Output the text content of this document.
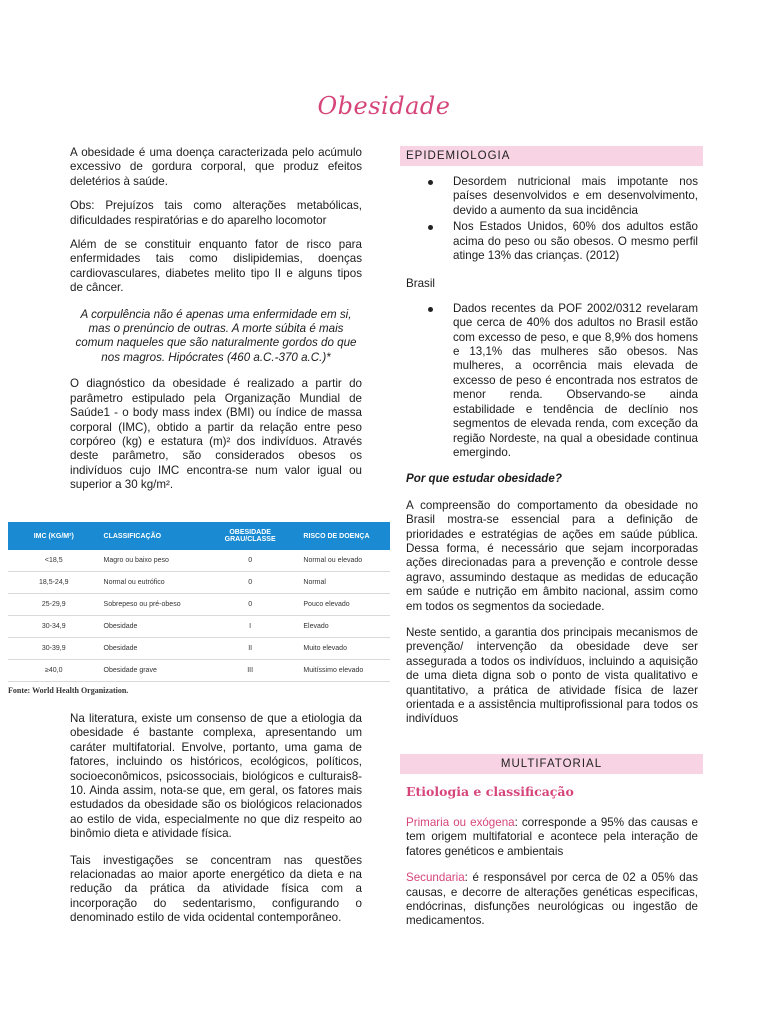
Obesidade

A obesidade é uma doença caracterizada pelo acúmulo excessivo de gordura corporal, que produz efeitos deletérios à saúde.

Obs: Prejuízos tais como alterações metabólicas, dificuldades respiratórias e do aparelho locomotor

Além de se constituir enquanto fator de risco para enfermidades tais como dislipidemias, doenças cardiovasculares, diabetes melito tipo II e alguns tipos de câncer.

A corpulência não é apenas uma enfermidade em si, mas o prenúncio de outras. A morte súbita é mais comum naqueles que são naturalmente gordos do que nos magros. Hipócrates (460 a.C.-370 a.C.)*

O diagnóstico da obesidade é realizado a partir do parâmetro estipulado pela Organização Mundial de Saúde1 - o body mass index (BMI) ou índice de massa corporal (IMC), obtido a partir da relação entre peso corpóreo (kg) e estatura (m)² dos indivíduos. Através deste parâmetro, são considerados obesos os indivíduos cujo IMC encontra-se num valor igual ou superior a 30 kg/m².

IMC (KG/M²)	CLASSIFICAÇÃO	OBESIDADE GRAU/CLASSE	RISCO DE DOENÇA
<18,5	Magro ou baixo peso	0	Normal ou elevado
18,5-24,9	Normal ou eutrófico	0	Normal
25-29,9	Sobrepeso ou pré-obeso	0	Pouco elevado
30-34,9	Obesidade	I	Elevado
30-39,9	Obesidade	II	Muito elevado
≥40,0	Obesidade grave	III	Muitíssimo elevado
Fonte: World Health Organization.

Na literatura, existe um consenso de que a etiologia da obesidade é bastante complexa, apresentando um caráter multifatorial. Envolve, portanto, uma gama de fatores, incluindo os históricos, ecológicos, políticos, socioeconômicos, psicossociais, biológicos e culturais8-10. Ainda assim, nota-se que, em geral, os fatores mais estudados da obesidade são os biológicos relacionados ao estilo de vida, especialmente no que diz respeito ao binômio dieta e atividade física.

Tais investigações se concentram nas questões relacionadas ao maior aporte energético da dieta e na redução da prática da atividade física com a incorporação do sedentarismo, configurando o denominado estilo de vida ocidental contemporâneo.

EPIDEMIOLOGIA
Desordem nutricional mais impotante nos países desenvolvidos e em desenvolvimento, devido a aumento da sua incidência
Nos Estados Unidos, 60% dos adultos estão acima do peso ou são obesos. O mesmo perfil atinge 13% das crianças. (2012)

Brasil

Dados recentes da POF 2002/0312 revelaram que cerca de 40% dos adultos no Brasil estão com excesso de peso, e que 8,9% dos homens e 13,1% das mulheres são obesos. Nas mulheres, a ocorrência mais elevada de excesso de peso é encontrada nos estratos de menor renda. Observando-se ainda estabilidade e tendência de declínio nos segmentos de elevada renda, com exceção da região Nordeste, na qual a obesidade continua emergindo.

Por que estudar obesidade?

A compreensão do comportamento da obesidade no Brasil mostra-se essencial para a definição de prioridades e estratégias de ações em saúde pública. Dessa forma, é necessário que sejam incorporadas ações direcionadas para a prevenção e controle desse agravo, assumindo destaque as medidas de educação em saúde e nutrição em âmbito nacional, assim como em todos os segmentos da sociedade.

Neste sentido, a garantia dos principais mecanismos de prevenção/ intervenção da obesidade deve ser assegurada a todos os indivíduos, incluindo a aquisição de uma dieta digna sob o ponto de vista qualitativo e quantitativo, a prática de atividade física de lazer orientada e a assistência multiprofissional para todos os indivíduos

MULTIFATORIAL
Etiologia e classificação

Primaria ou exógena: corresponde a 95% das causas e tem origem multifatorial e acontece pela interação de fatores genéticos e ambientais

Secundaria: é responsável por cerca de 02 a 05% das causas, e decorre de alterações genéticas especificas, endócrinas, disfunções neurológicas ou ingestão de medicamentos.
